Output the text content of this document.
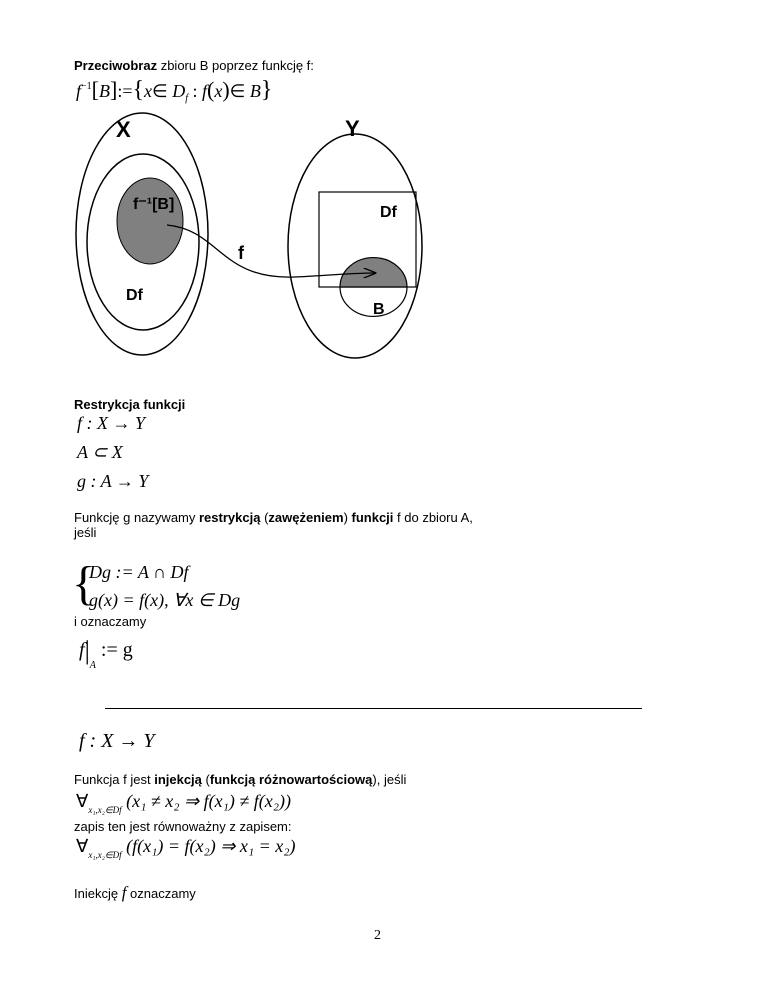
Przeciwobraz zbioru B poprzez funkcję f:
$f^{-1}[B]:=\{x\in$ $D_f$ : f(x)∈ B}
X	Y
f⁻¹[B]
Df
Df
f
B
Restrykcja funkcji
f : X → Y
A ⊂ X
g : A → Y
Funkcję g nazywamy restrykcją (zawężeniem) funkcji f do zbioru A,
jeśli
{
Dg := A ∩ Df
g(x) = f(x), ∀x ∈ Dg
i oznaczamy
$f|_A$ := g
f : X → Y
Funkcja f jest injekcją (funkcją różnowartościową), jeśli
$\forall_{x_1,x_2\in Df}$ (x₁ ≠ x₂ ⇒ f(x₁) ≠ f(x₂))
zapis ten jest równoważny z zapisem:
$\forall_{x_1,x_2\in Df}$ (f(x₁) = f(x₂) ⇒ x₁ = x₂)
Iniekcję f oznaczamy
2
